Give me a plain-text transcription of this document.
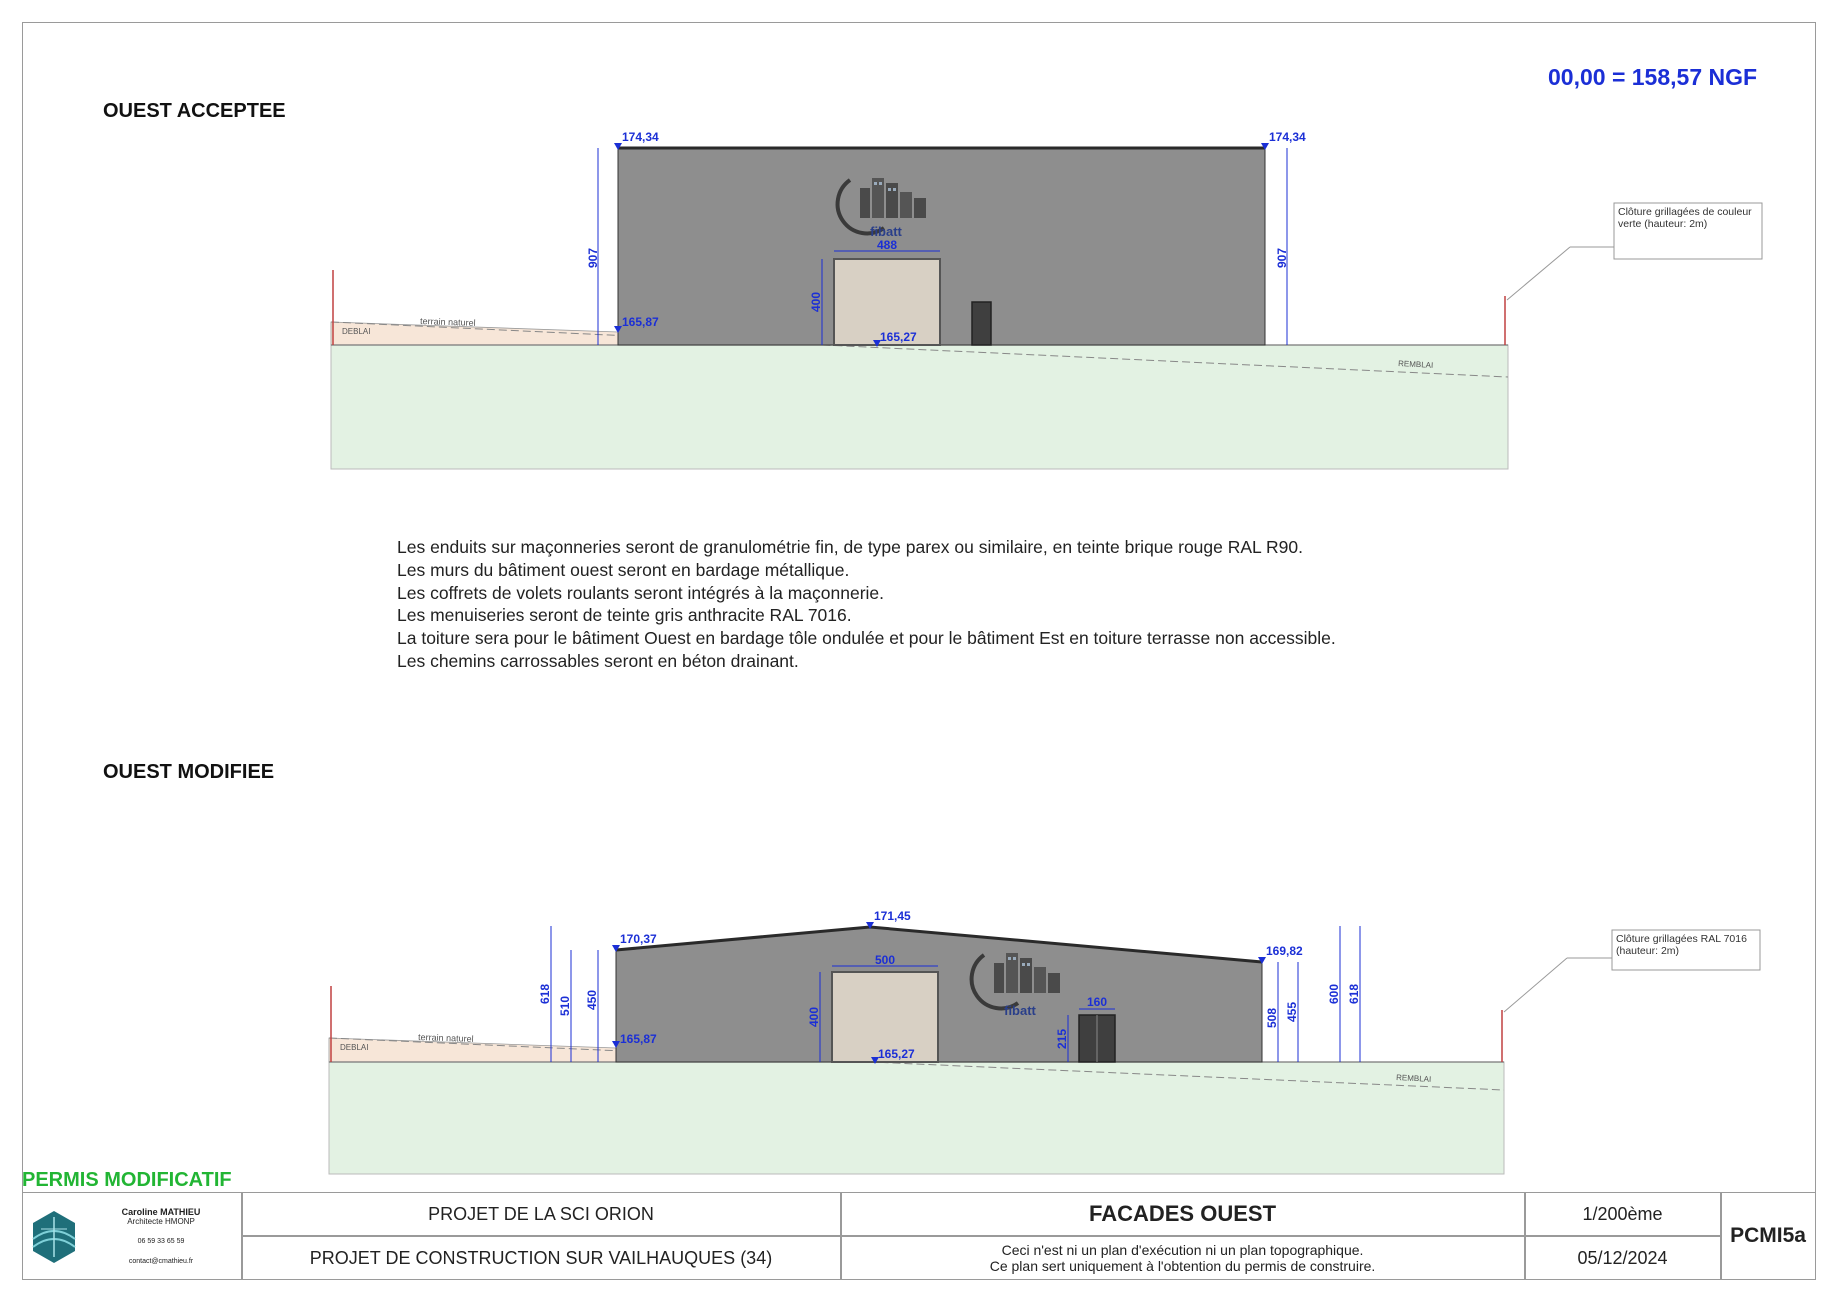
00,00 = 158,57 NGF
OUEST ACCEPTEE
OUEST MODIFIEE
fibatt
174,34	174,34
165,87
165,27
907	907
488
400
DEBLAI
terrain naturel
REMBLAI
Clôture grillagées de couleur verte (hauteur: 2m)
fibatt
170,37
171,45
169,82
165,87
165,27
618
510 450
500
400
160
215
508 455
600 618
DEBLAI
terrain naturel
REMBLAI
Clôture grillagées RAL 7016 (hauteur: 2m)
Les enduits sur maçonneries seront de granulométrie fin, de type parex ou similaire, en teinte brique rouge RAL R90.
Les murs du bâtiment ouest seront en bardage métallique.
Les coffrets de volets roulants seront intégrés à la maçonnerie.
Les menuiseries seront de teinte gris anthracite RAL 7016.
La toiture sera pour le bâtiment Ouest en bardage tôle ondulée et pour le bâtiment Est en toiture terrasse non accessible.
Les chemins carrossables seront en béton drainant.
PERMIS MODIFICATIF
Caroline MATHIEU
Architecte HMONP
06 59 33 65 59
contact@cmathieu.fr
PROJET DE LA SCI ORION
PROJET DE CONSTRUCTION SUR VAILHAUQUES (34)
FACADES OUEST
Ceci n'est ni un plan d'exécution ni un plan topographique.
Ce plan sert uniquement à l'obtention du permis de construire.
1/200ème
05/12/2024
PCMI5a
